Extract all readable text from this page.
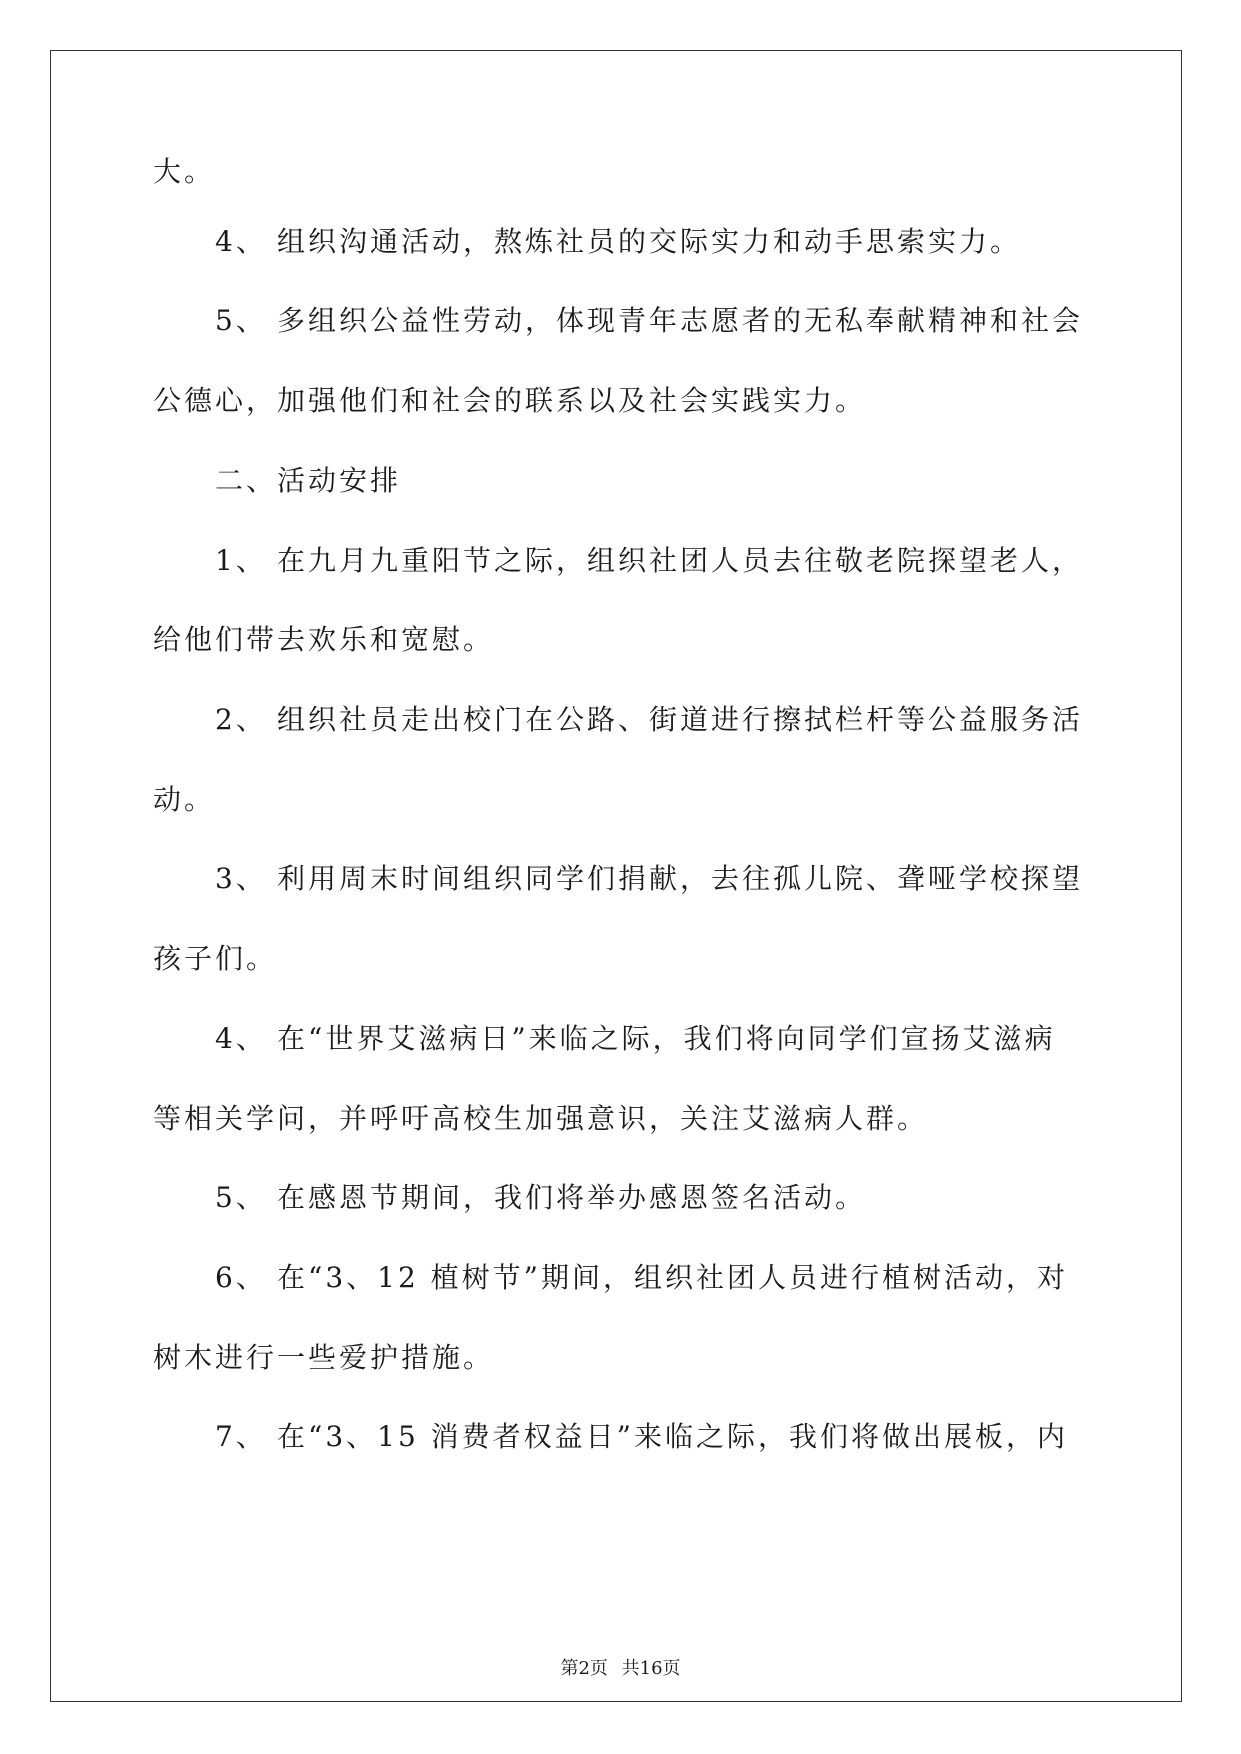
大。
4、 组织沟通活动，熬炼社员的交际实力和动手思索实力。
5、 多组织公益性劳动，体现青年志愿者的无私奉献精神和社会
公德心，加强他们和社会的联系以及社会实践实力。
二、活动安排
1、 在九月九重阳节之际，组织社团人员去往敬老院探望老人，
给他们带去欢乐和宽慰。
2、 组织社员走出校门在公路、街道进行擦拭栏杆等公益服务活
动。
3、 利用周末时间组织同学们捐献，去往孤儿院、聋哑学校探望
孩子们。
4、 在“世界艾滋病日”来临之际，我们将向同学们宣扬艾滋病
等相关学问，并呼吁高校生加强意识，关注艾滋病人群。
5、 在感恩节期间，我们将举办感恩签名活动。
6、 在“3、12 植树节”期间，组织社团人员进行植树活动，对
树木进行一些爱护措施。
7、 在“3、15 消费者权益日”来临之际，我们将做出展板，内
第2页 共16页
